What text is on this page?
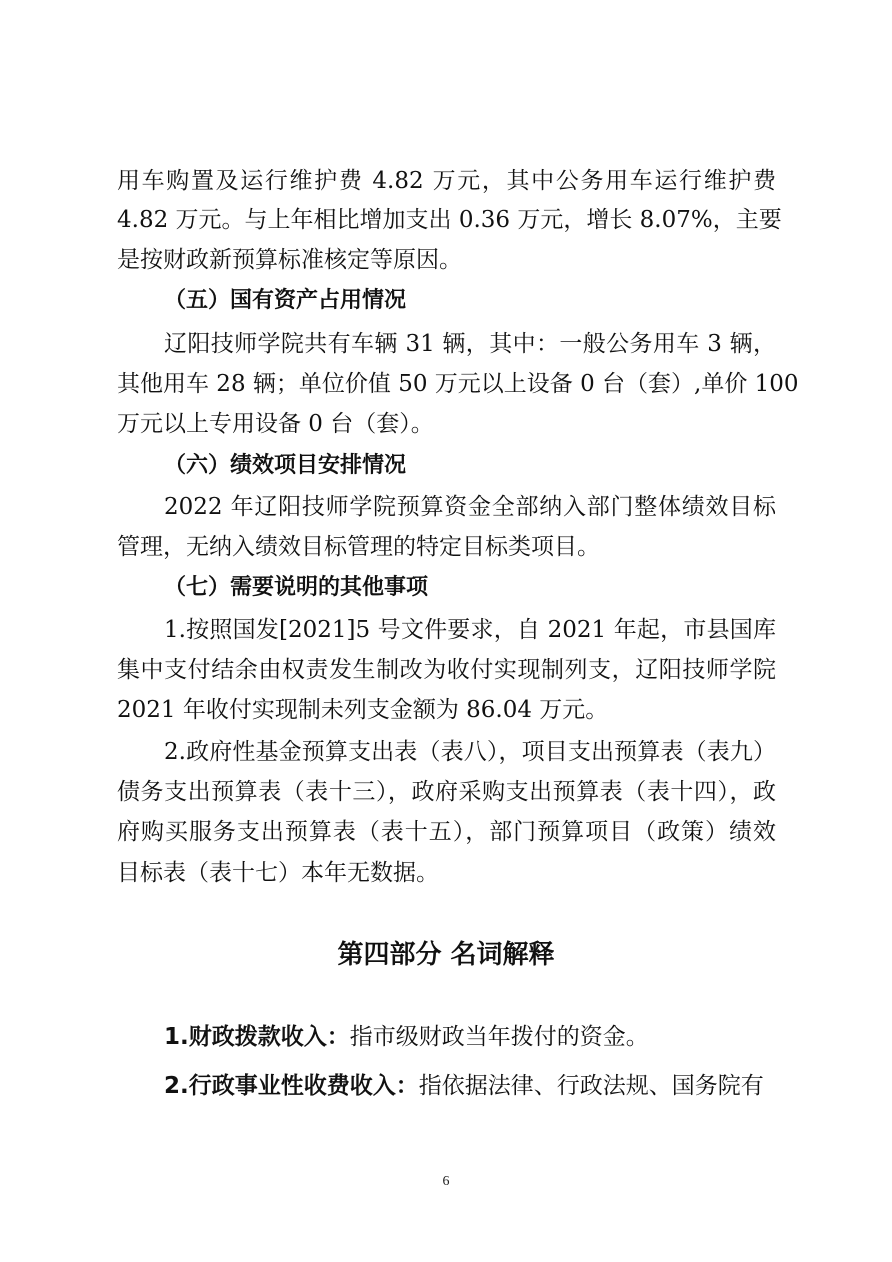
用车购置及运行维护费 4.82 万元，其中公务用车运行维护费
4.82 万元。与上年相比增加支出 0.36 万元，增长 8.07%，主要
是按财政新预算标准核定等原因。
（五）国有资产占用情况
辽阳技师学院共有车辆 31 辆，其中：一般公务用车 3 辆，
其他用车 28 辆；单位价值 50 万元以上设备 0 台（套）,单价 100
万元以上专用设备 0 台（套）。
（六）绩效项目安排情况
2022 年辽阳技师学院预算资金全部纳入部门整体绩效目标
管理，无纳入绩效目标管理的特定目标类项目。
（七）需要说明的其他事项
1.按照国发[2021]5 号文件要求，自 2021 年起，市县国库
集中支付结余由权责发生制改为收付实现制列支，辽阳技师学院
2021 年收付实现制未列支金额为 86.04 万元。
2.政府性基金预算支出表（表八），项目支出预算表（表九）
债务支出预算表（表十三），政府采购支出预算表（表十四），政
府购买服务支出预算表（表十五），部门预算项目（政策）绩效
目标表（表十七）本年无数据。
第四部分 名词解释
1.财政拨款收入：指市级财政当年拨付的资金。
2.行政事业性收费收入：指依据法律、行政法规、国务院有
6
